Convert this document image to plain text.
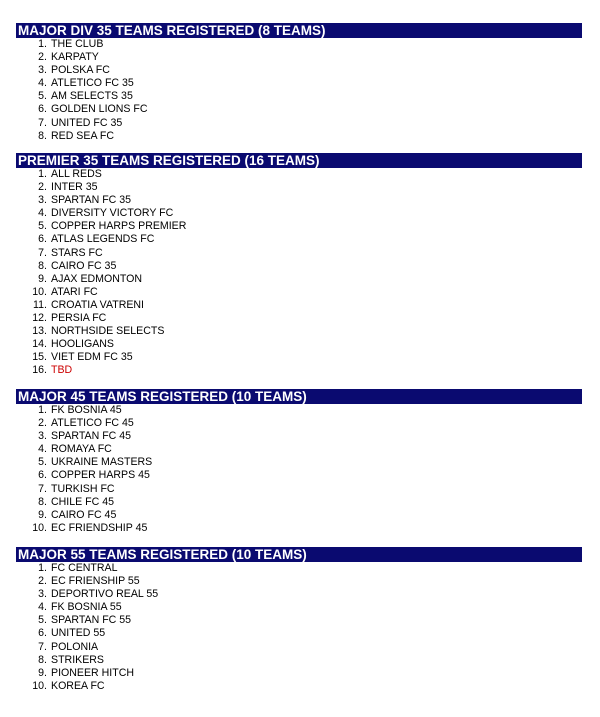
MAJOR DIV 35 TEAMS REGISTERED (8 TEAMS)
1. THE CLUB
2. KARPATY
3. POLSKA FC
4. ATLETICO FC 35
5. AM SELECTS 35
6. GOLDEN LIONS FC
7. UNITED FC 35
8. RED SEA FC
PREMIER 35 TEAMS REGISTERED (16 TEAMS)
1. ALL REDS
2. INTER 35
3. SPARTAN FC 35
4. DIVERSITY VICTORY FC
5. COPPER HARPS PREMIER
6. ATLAS LEGENDS FC
7. STARS FC
8. CAIRO FC 35
9. AJAX EDMONTON
10. ATARI FC
11. CROATIA VATRENI
12. PERSIA FC
13. NORTHSIDE SELECTS
14. HOOLIGANS
15. VIET EDM FC 35
16. TBD
MAJOR 45 TEAMS REGISTERED (10 TEAMS)
1. FK BOSNIA 45
2. ATLETICO FC 45
3. SPARTAN FC 45
4. ROMAYA FC
5. UKRAINE MASTERS
6. COPPER HARPS 45
7. TURKISH FC
8. CHILE FC 45
9. CAIRO FC 45
10. EC FRIENDSHIP 45
MAJOR 55 TEAMS REGISTERED (10 TEAMS)
1. FC CENTRAL
2. EC FRIENSHIP 55
3. DEPORTIVO REAL 55
4. FK BOSNIA 55
5. SPARTAN FC 55
6. UNITED 55
7. POLONIA
8. STRIKERS
9. PIONEER HITCH
10. KOREA FC
